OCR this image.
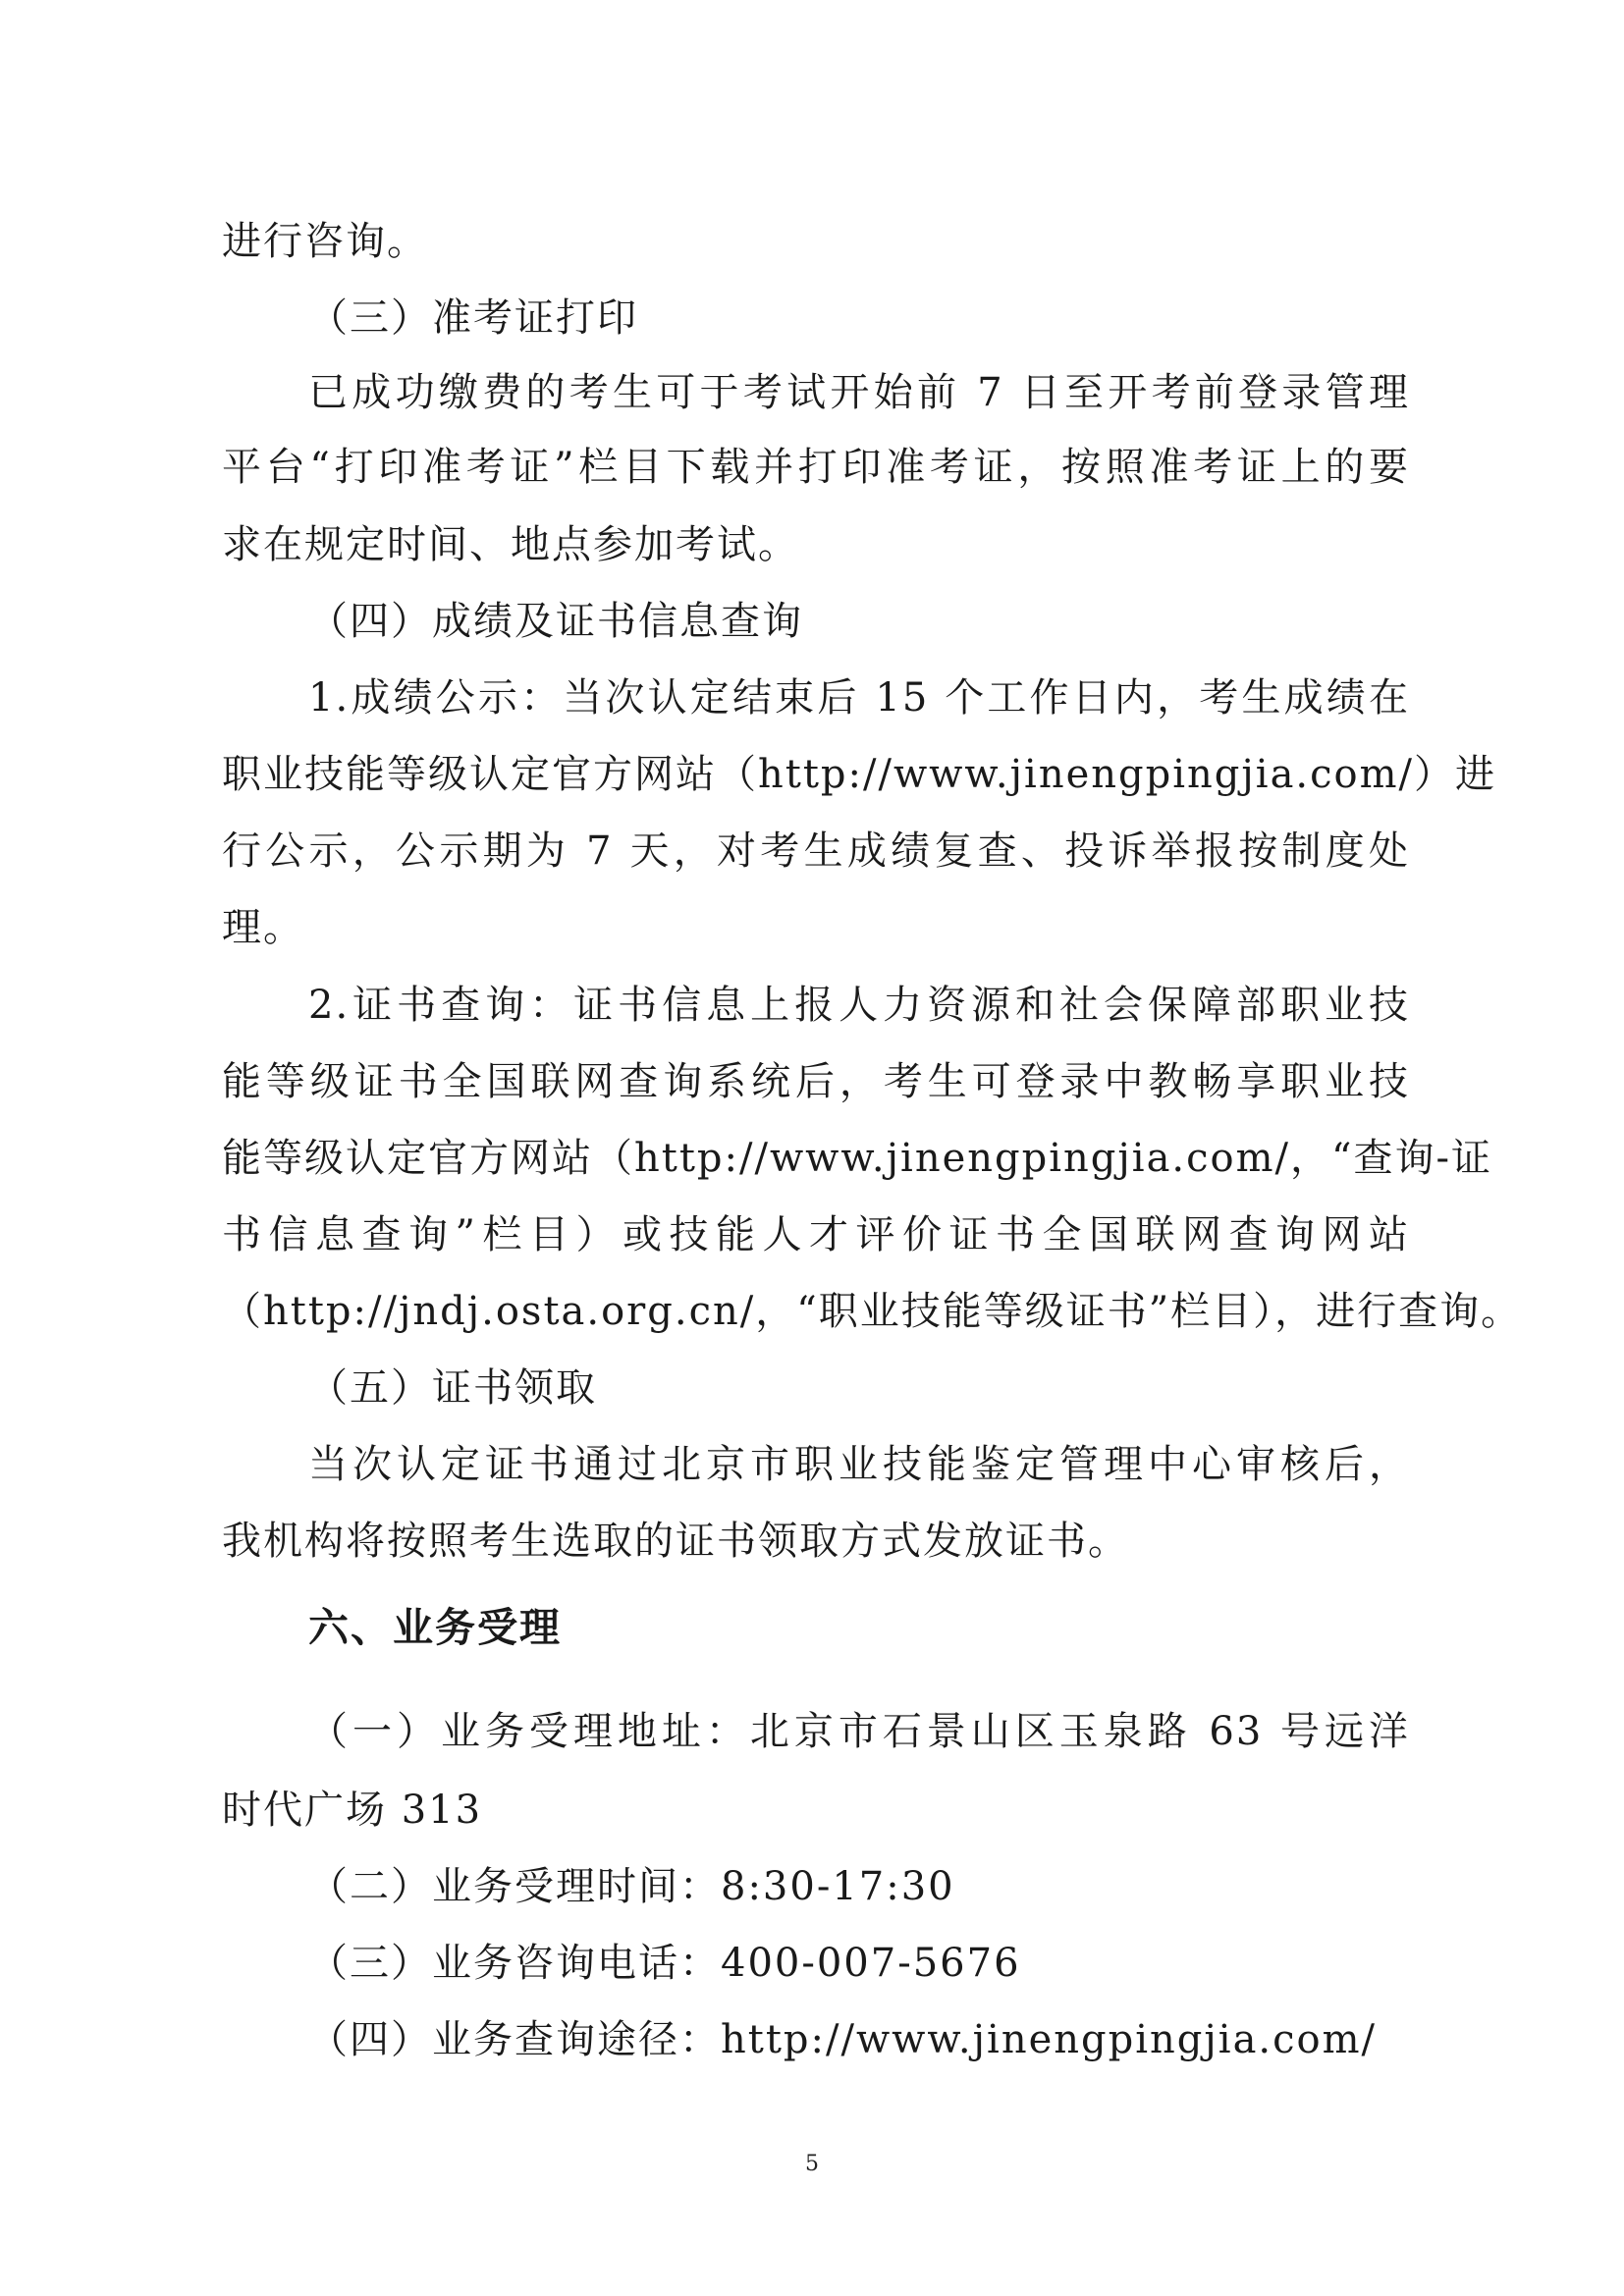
进行咨询。
（三）准考证打印
已成功缴费的考生可于考试开始前 7 日至开考前登录管理
平台“打印准考证”栏目下载并打印准考证，按照准考证上的要
求在规定时间、地点参加考试。
（四）成绩及证书信息查询
1.成绩公示：当次认定结束后 15 个工作日内，考生成绩在
职业技能等级认定官方网站（http://www.jinengpingjia.com/）进
行公示，公示期为 7 天，对考生成绩复查、投诉举报按制度处
理。
2.证书查询：证书信息上报人力资源和社会保障部职业技
能等级证书全国联网查询系统后，考生可登录中教畅享职业技
能等级认定官方网站（http://www.jinengpingjia.com/，“查询-证
书信息查询”栏目）或技能人才评价证书全国联网查询网站
（http://jndj.osta.org.cn/，“职业技能等级证书”栏目），进行查询。
（五）证书领取
当次认定证书通过北京市职业技能鉴定管理中心审核后，
我机构将按照考生选取的证书领取方式发放证书。
六、业务受理
（一）业务受理地址：北京市石景山区玉泉路 63 号远洋
时代广场 313
（二）业务受理时间：8:30-17:30
（三）业务咨询电话：400-007-5676
（四）业务查询途径：http://www.jinengpingjia.com/
5
